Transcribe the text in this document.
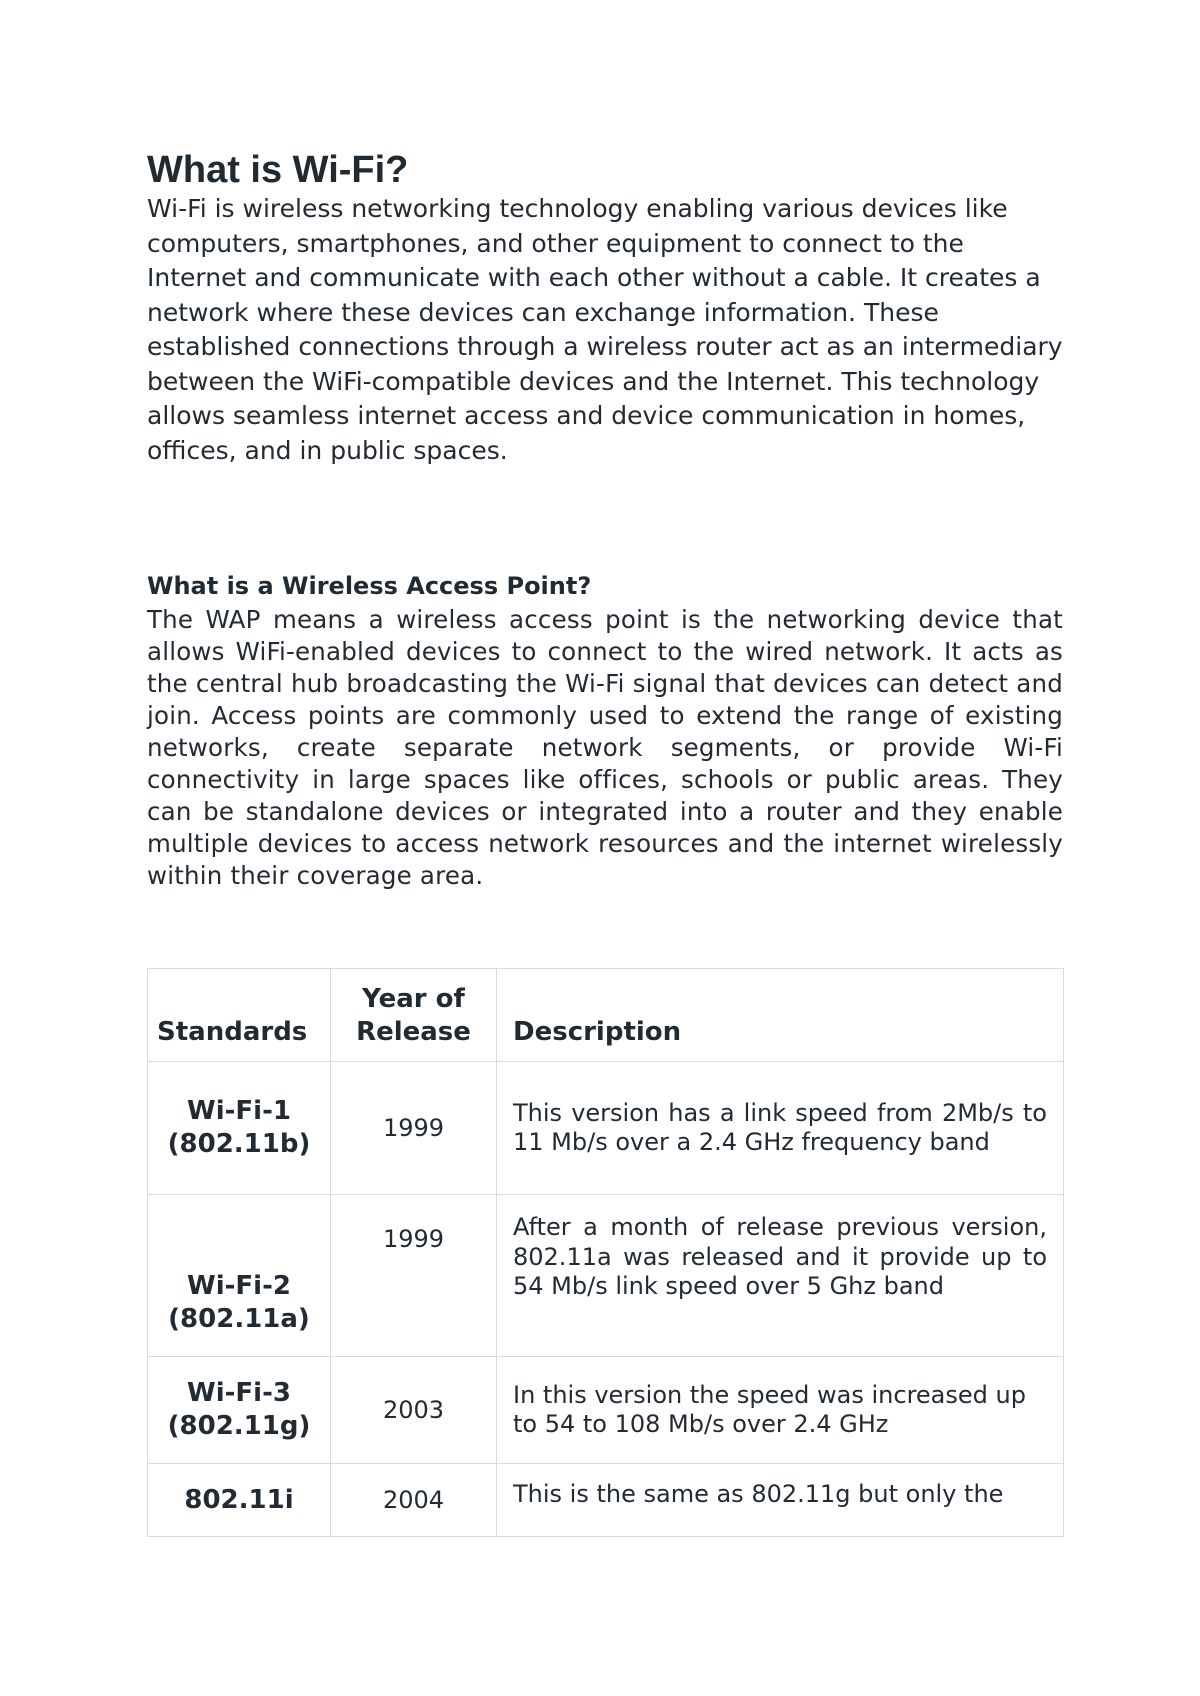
What is Wi-Fi?

Wi-Fi is wireless networking technology enabling various devices like computers, smartphones, and other equipment to connect to the Internet and communicate with each other without a cable. It creates a network where these devices can exchange information. These established connections through a wireless router act as an intermediary between the WiFi-compatible devices and the Internet. This technology allows seamless internet access and device communication in homes, offices, and in public spaces.

What is a Wireless Access Point?

The WAP means a wireless access point is the networking device that allows WiFi-enabled devices to connect to the wired network. It acts as the central hub broadcasting the Wi-Fi signal that devices can detect and join. Access points are commonly used to extend the range of existing networks, create separate network segments, or provide Wi-Fi connectivity in large spaces like offices, schools or public areas. They can be standalone devices or integrated into a router and they enable multiple devices to access network resources and the internet wirelessly within their coverage area.

Standards	Year of Release	Description
Wi-Fi-1 (802.11b)	1999	This version has a link speed from 2Mb/s to 11 Mb/s over a 2.4 GHz frequency band
Wi-Fi-2 (802.11a)	1999	After a month of release previous version, 802.11a was released and it provide up to 54 Mb/s link speed over 5 Ghz band
Wi-Fi-3 (802.11g)	2003	In this version the speed was increased up to 54 to 108 Mb/s over 2.4 GHz
802.11i	2004	This is the same as 802.11g but only the
